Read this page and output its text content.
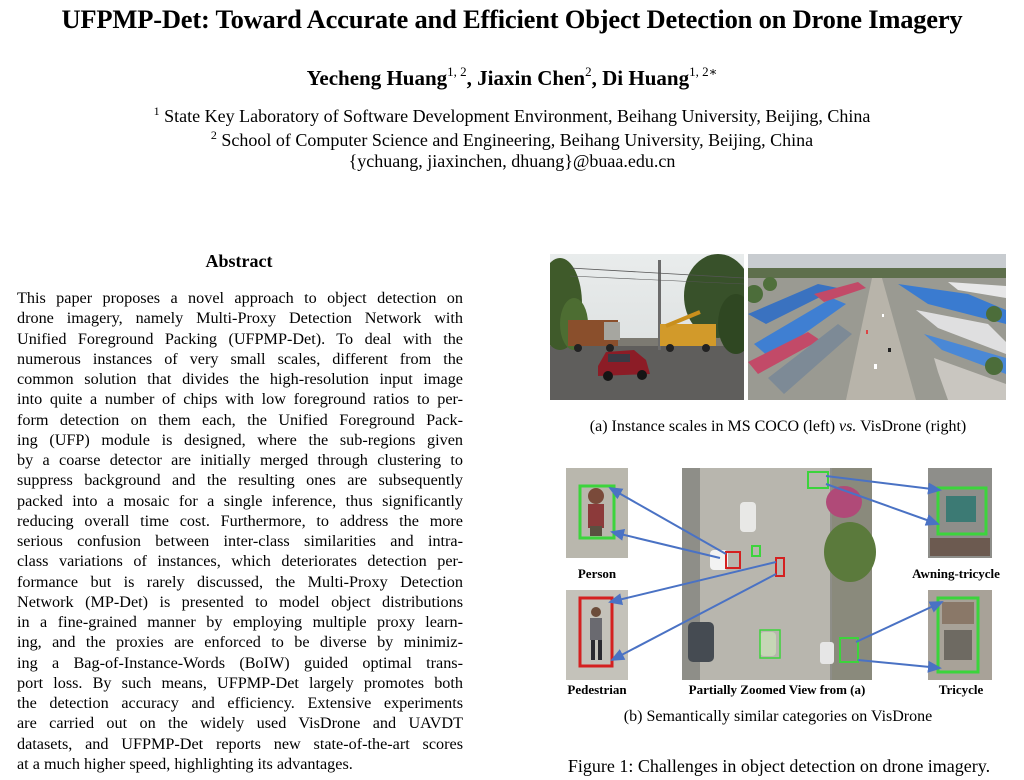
UFPMP-Det: Toward Accurate and Efficient Object Detection on Drone Imagery
Yecheng Huang$^{1, 2}$, Jiaxin Chen$^2$, Di Huang$^{1, 2∗}$
$^1$ State Key Laboratory of Software Development Environment, Beihang University, Beijing, China
$^2$ School of Computer Science and Engineering, Beihang University, Beijing, China
{ychuang, jiaxinchen, dhuang}@buaa.edu.cn
Abstract
This paper proposes a novel approach to object detection on
drone imagery, namely Multi-Proxy Detection Network with
Unified Foreground Packing (UFPMP-Det). To deal with the
numerous instances of very small scales, different from the
common solution that divides the high-resolution input image
into quite a number of chips with low foreground ratios to per-
form detection on them each, the Unified Foreground Pack-
ing (UFP) module is designed, where the sub-regions given
by a coarse detector are initially merged through clustering to
suppress background and the resulting ones are subsequently
packed into a mosaic for a single inference, thus significantly
reducing overall time cost. Furthermore, to address the more
serious confusion between inter-class similarities and intra-
class variations of instances, which deteriorates detection per-
formance but is rarely discussed, the Multi-Proxy Detection
Network (MP-Det) is presented to model object distributions
in a fine-grained manner by employing multiple proxy learn-
ing, and the proxies are enforced to be diverse by minimiz-
ing a Bag-of-Instance-Words (BoIW) guided optimal trans-
port loss. By such means, UFPMP-Det largely promotes both
the detection accuracy and efficiency. Extensive experiments
are carried out on the widely used VisDrone and UAVDT
datasets, and UFPMP-Det reports new state-of-the-art scores
at a much higher speed, highlighting its advantages.
(a) Instance scales in MS COCO (left) vs. VisDrone (right)
Person
Pedestrian	Partially Zoomed View from (a)
Awning-tricycle
Tricycle
(b) Semantically similar categories on VisDrone
Figure 1: Challenges in object detection on drone imagery.
